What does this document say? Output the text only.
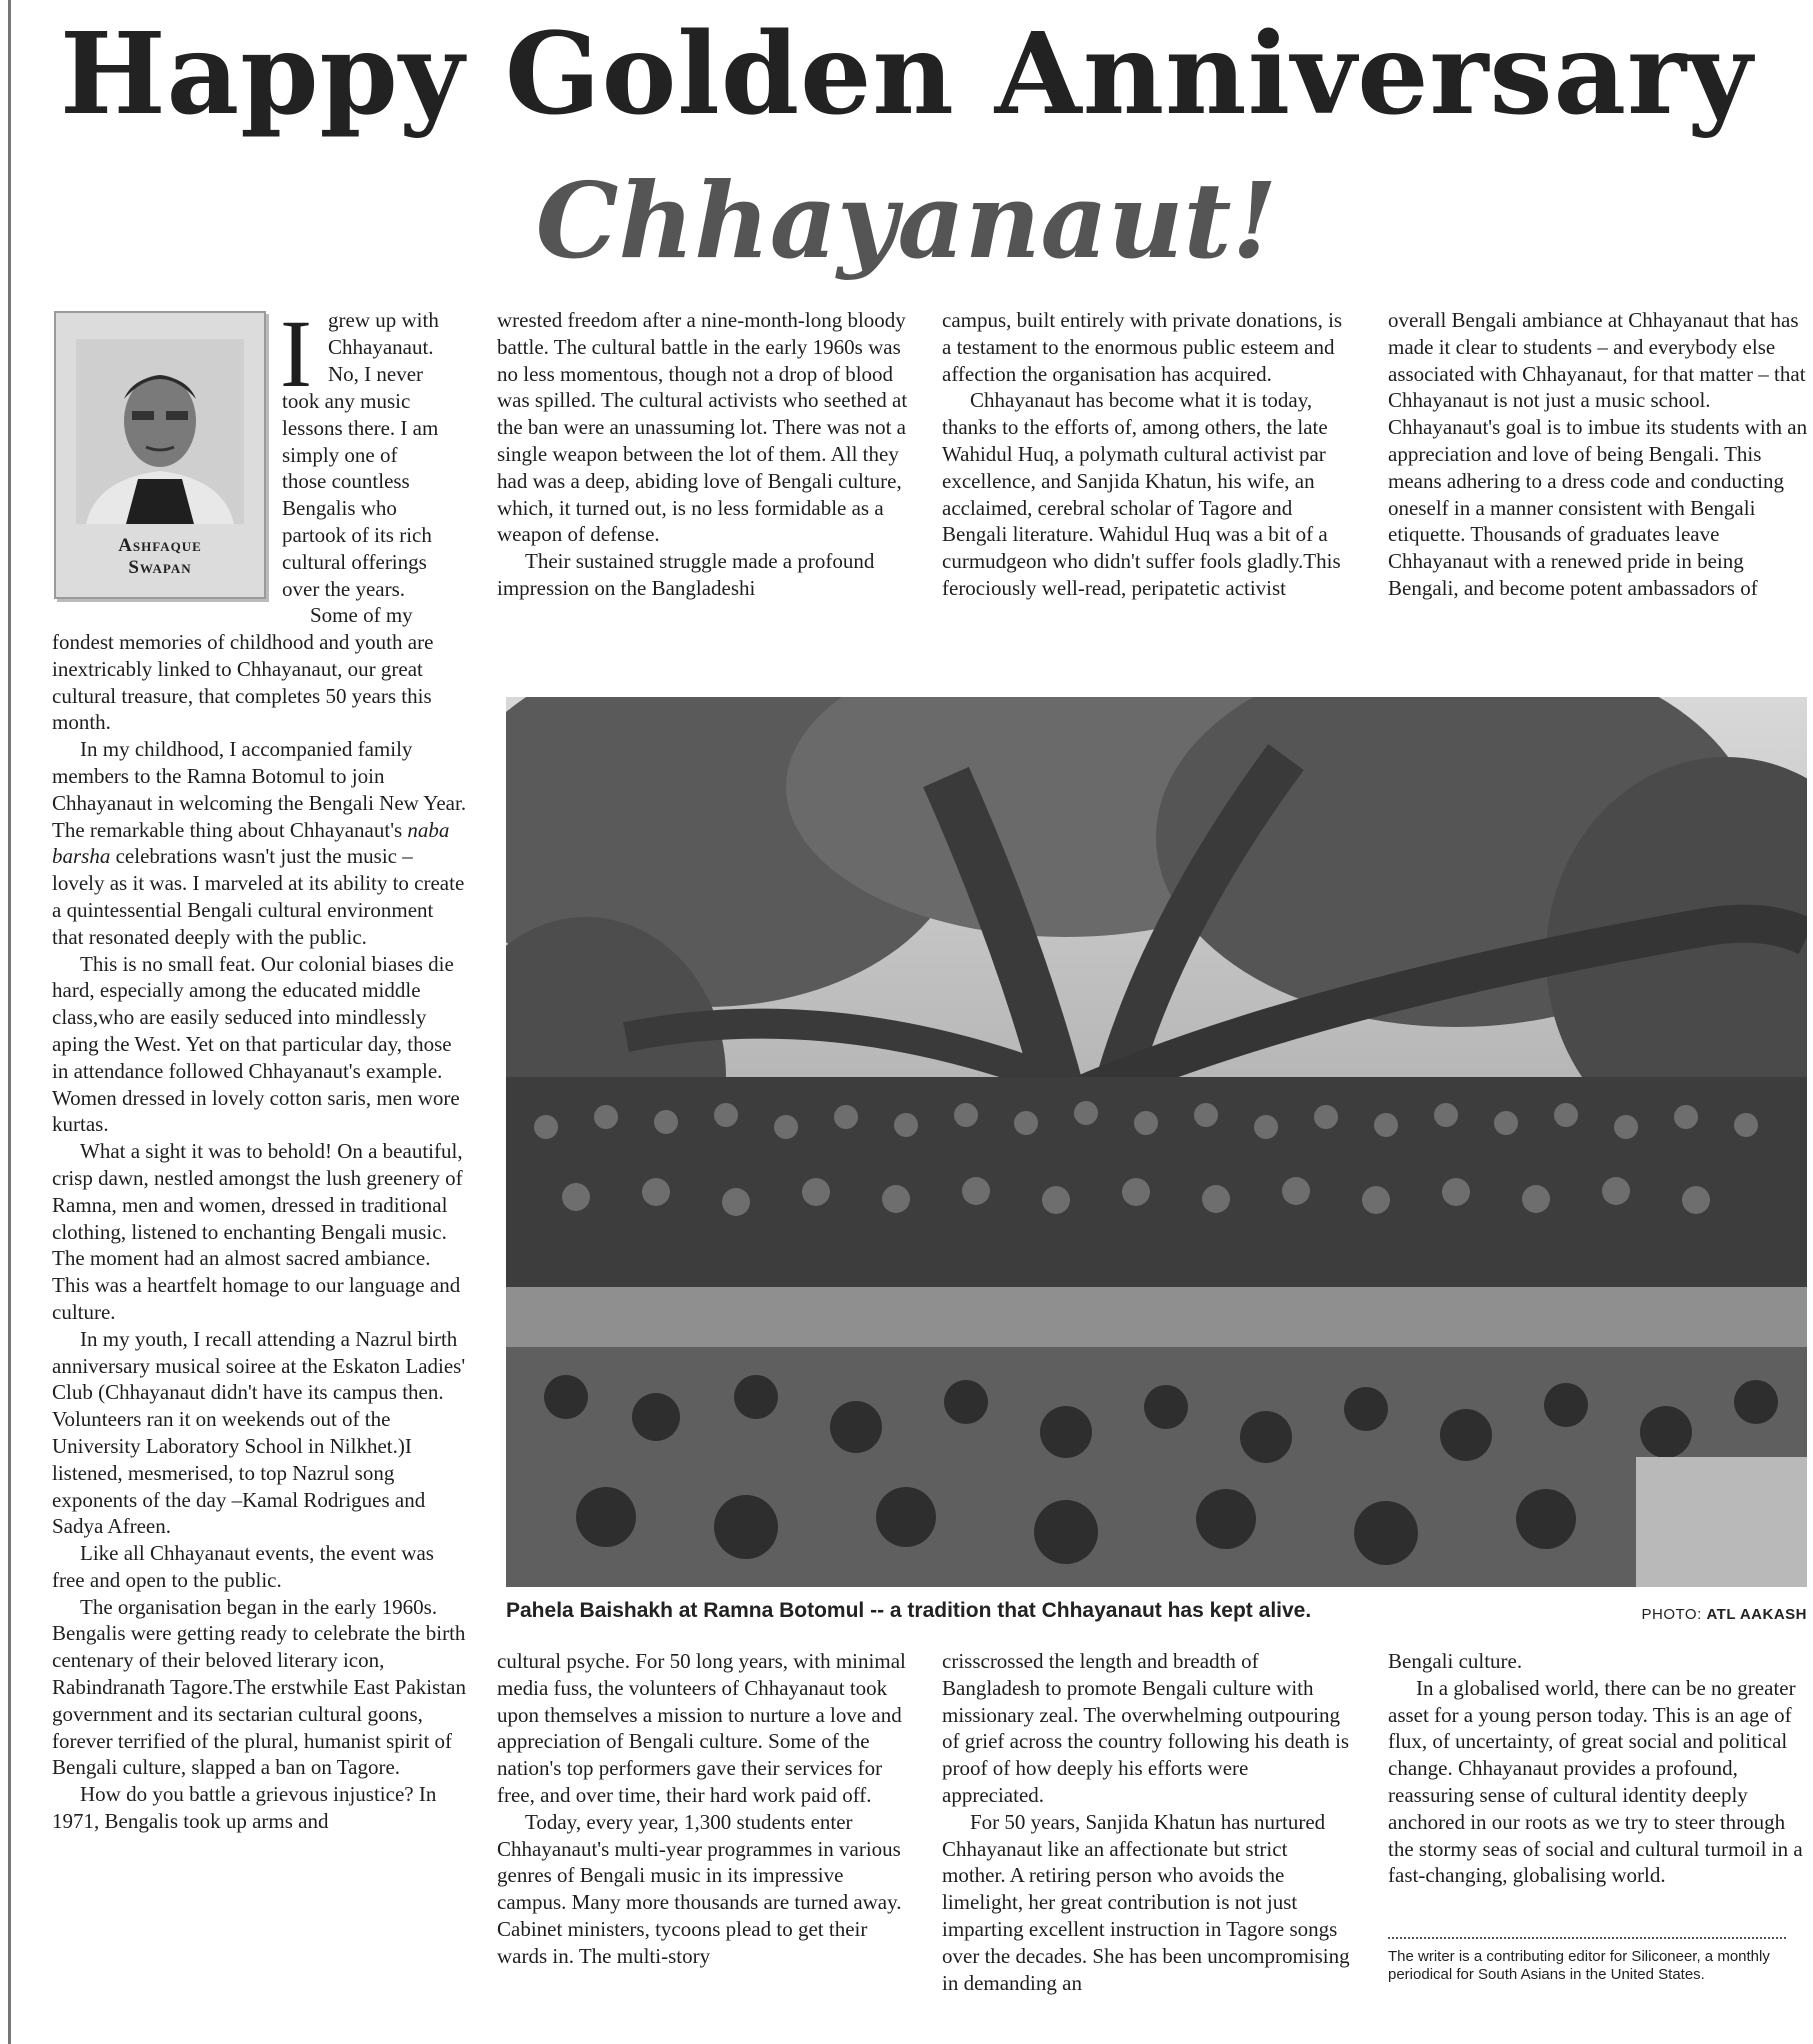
Happy Golden Anniversary
Chhayanaut!
Ashfaque
Swapan
I grew up with
Chhayanaut.
No, I never
took any music
lessons there. I am
simply one of
those countless
Bengalis who
partook of its rich
cultural offerings
over the years.
Some of my

fondest memories of childhood and youth are inextricably linked to Chhayanaut, our great cultural treasure, that completes 50 years this month.

In my childhood, I accompanied family members to the Ramna Botomul to join Chhayanaut in welcoming the Bengali New Year. The remarkable thing about Chhayanaut's naba barsha celebrations wasn't just the music – lovely as it was. I marveled at its ability to create a quintessential Bengali cultural environment that resonated deeply with the public.

This is no small feat. Our colonial biases die hard, especially among the educated middle class,who are easily seduced into mindlessly aping the West. Yet on that particular day, those in attendance followed Chhayanaut's example. Women dressed in lovely cotton saris, men wore kurtas.

What a sight it was to behold! On a beautiful, crisp dawn, nestled amongst the lush greenery of Ramna, men and women, dressed in traditional clothing, listened to enchanting Bengali music. The moment had an almost sacred ambiance. This was a heartfelt homage to our language and culture.

In my youth, I recall attending a Nazrul birth anniversary musical soiree at the Eskaton Ladies' Club (Chhayanaut didn't have its campus then. Volunteers ran it on weekends out of the University Laboratory School in Nilkhet.)I listened, mesmerised, to top Nazrul song exponents of the day –Kamal Rodrigues and Sadya Afreen.

Like all Chhayanaut events, the event was free and open to the public.

The organisation began in the early 1960s. Bengalis were getting ready to celebrate the birth centenary of their beloved literary icon, Rabindranath Tagore.The erstwhile East Pakistan government and its sectarian cultural goons, forever terrified of the plural, humanist spirit of Bengali culture, slapped a ban on Tagore.

How do you battle a grievous injustice? In 1971, Bengalis took up arms and

wrested freedom after a nine-month-long bloody battle. The cultural battle in the early 1960s was no less momentous, though not a drop of blood was spilled. The cultural activists who seethed at the ban were an unassuming lot. There was not a single weapon between the lot of them. All they had was a deep, abiding love of Bengali culture, which, it turned out, is no less formidable as a weapon of defense.

Their sustained struggle made a profound impression on the Bangladeshi

campus, built entirely with private donations, is a testament to the enormous public esteem and affection the organisation has acquired.

Chhayanaut has become what it is today, thanks to the efforts of, among others, the late Wahidul Huq, a polymath cultural activist par excellence, and Sanjida Khatun, his wife, an acclaimed, cerebral scholar of Tagore and Bengali literature. Wahidul Huq was a bit of a curmudgeon who didn't suffer fools gladly.This ferociously well-read, peripatetic activist

overall Bengali ambiance at Chhayanaut that has made it clear to students – and everybody else associated with Chhayanaut, for that matter – that Chhayanaut is not just a music school. Chhayanaut's goal is to imbue its students with an appreciation and love of being Bengali. This means adhering to a dress code and conducting oneself in a manner consistent with Bengali etiquette. Thousands of graduates leave Chhayanaut with a renewed pride in being Bengali, and become potent ambassadors of

Pahela Baishakh at Ramna Botomul -- a tradition that Chhayanaut has kept alive.	PHOTO: ATL AAKASH

cultural psyche. For 50 long years, with minimal media fuss, the volunteers of Chhayanaut took upon themselves a mission to nurture a love and appreciation of Bengali culture. Some of the nation's top performers gave their services for free, and over time, their hard work paid off.

Today, every year, 1,300 students enter Chhayanaut's multi-year programmes in various genres of Bengali music in its impressive campus. Many more thousands are turned away. Cabinet ministers, tycoons plead to get their wards in. The multi-story

crisscrossed the length and breadth of Bangladesh to promote Bengali culture with missionary zeal. The overwhelming outpouring of grief across the country following his death is proof of how deeply his efforts were appreciated.

For 50 years, Sanjida Khatun has nurtured Chhayanaut like an affectionate but strict mother. A retiring person who avoids the limelight, her great contribution is not just imparting excellent instruction in Tagore songs over the decades. She has been uncompromising in demanding an

Bengali culture.

In a globalised world, there can be no greater asset for a young person today. This is an age of flux, of uncertainty, of great social and political change. Chhayanaut provides a profound, reassuring sense of cultural identity deeply anchored in our roots as we try to steer through the stormy seas of social and cultural turmoil in a fast-changing, globalising world.

The writer is a contributing editor for Siliconeer, a monthly periodical for South Asians in the United States.
